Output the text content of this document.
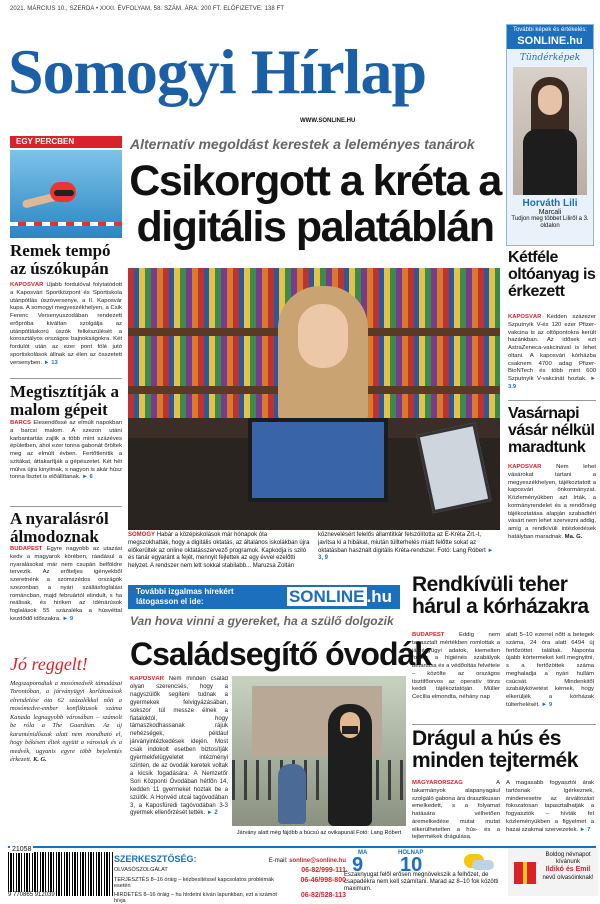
2021. MÁRCIUS 10., SZERDA • XXXI. ÉVFOLYAM, 58. SZÁM. ÁRA: 200 FT. ELŐFIZETVE: 138 FT
Somogyi Hírlap
WWW.SONLINE.HU
További képek és értékelés:
SONLINE.hu
Tündérképek
Horváth Lili
Marcali
Tudjon meg többet Liliről a 3. oldalon
EGY PERCBEN
Remek tempó az úszókupán
KAPOSVÁR Újabb fordulóval folytatódott a Kaposvári Sportközpont és Sportiskola utánpótlás úszóversenye, a II. Kaposvár kupa. A somogyi megyeszékhelyen, a Csik Ferenc Versenyuszodában rendezett erőpróba kiváltan szolgálja az utánpótláskorú úszók felkészülését a korosztályos országos bajnokságokra. Két fordulót után az ezer pont fölé jutó sportiskolások állnak az élen az összetett versenyben. ► 13
Megtisztítják a malom gépeit
BARCS Elesendőssé az elmúlt napokban a barcsi malom. A szezon utáni karbantartás zajlik a több mint százéves épületben, ahol ezer tonna gabonát őröltek meg az elmúlt évben. Fertőtlenítik a szitákat, áttakarítják a gépészetet. Két hét múlva újra kinyitnak, s nagyon is akár húsz tonna lisztet is előállítanak. ► 6
A nyaralásról álmodoznak
BUDAPEST Egyre nagyobb az utazási kedv a magyarok körében, ráadásul a nyaralásokat már nem csupán belföldre tervezik. Az erőteljes igényekből szeretnénk a szomszédos országok szezonban a nyári szállásfoglalási románcban, majd februártól elindult, s ha reálisak, és hiriken az idénárúsok foglalások 55 százaléka a húsvéttal kezdődő időszakra. ► 9
Jó reggelt!
Megszaporodtak a mosómedvék támadásai Torontóban, a járványügyi korlátozások elrendelése óta 62 százalékkal nőtt a mosómedve-ember konfliktusok száma Kanada legnagyobb városában – számolt be róla a The Guardian. Az új karanténidőszak alatt nem mondható el, hogy békésen éltek együtt a városiak és a medvék, ugyanis egyre több bejelentés érkezett. K. G.
Alternatív megoldást kerestek a leleményes tanárok
Csikorgott a kréta a digitális palatáblán
SOMOGY Habár a középiskolások már hónapok óta megszokhatták, hogy a digitális oktatás, az általános iskolákban újra előkerültek az online oktatásszervező programok. Kapkodja is sziló és tanár egyaránt a fejét, mennyit fejlettek az egy évvel ezelőtti helyzet. A rendszer nem lett sokkal stabilabb... Maruzsa Zoltán köznevelésért felelős államtitkár felszólította az E-Kréta Zrt.-t, javítsa ki a hibákat, miután tüllterhelés miatt felőtte sokat az oktatásban használt digitális Kréta-rendszer. Fotó: Lang Róbert ► 3, 9
Kétféle oltóanyag is érkezett
KAPOSVÁR Kedden százezer Szputnyik V-és 120 ezer Pfizer-vakcina is az oltópontokra került hazánkban. Az idősek ezt AstraZeneca-vakcinával is lehet oltani. A kaposvári kórházba csaknem 4700 adag Pfizer-BioNTech és több mint 600 Szputnyik V-vakcinát hoztak. ► 3.9
Vasárnapi vásár nélkül maradtunk
KAPOSVÁR Nem lehet vásárokat tartani a megyeszékhelyen, tájékoztatott a kaposvári önkormányzat. Közleményükben azt írták, a kormányrendelet és a rendőrség tájékoztatása alapján szabadtéri vásárt nem lehet szervezni addig, amíg a rendkívüli intézkedések hatályban maradnak. Ma. G.
További izgalmas hírekért látogasson el ide:	SONLINE .hu
Rendkívüli teher hárul a kórházakra
BUDAPEST Eddig nem tapasztalt mértékben romlottak a járványügyi adatok, kiemelten fontos a higiénés szabályok betartása és a védőoltás felvétele – közölte az országos tisztifőorvos az operatív törzs keddi tájékoztatóján. Müller Cecília elmondta, néhány nap
alatt 5–10 ezerrel nőtt a betegek száma, 24 óra alatt 6494 új fertőzöttet találtak. Naponta újabb kórtermeket kell megnyitni, s a fertőzöttek száma meghaladja a nyári hullám csúcsát. Mindenkitől szabálykövetést kérnek, hogy elkerüljék a kórházak túlterhelését. ► 9
Drágul a hús és minden tejtermék
MAGYARORSZÁG	A takarmányok alapanyagául szolgáló gabona ára drasztikusan emelkedett, s a folyamat hatására vélhetően áremelkedése mutat mutat elkerülhetetlen a hús- és a tejtermékek drágulása.
A magasabb fogyasztói árak tartósnak ígérkeznek, mindenesetre az árváltozást fokozatosan tapasztalhatják a fogyasztók – hívták fel közleményükben a figyelmet a hazai szakmai szervezetek. ► 7
Van hova vinni a gyereket, ha a szülő dolgozik
Családsegítő óvodák
KAPOSVÁR Nem minden család olyan szerencsés, hogy a nagyszülők segíteni tudnak a gyermekek felvigyázásában, sokszor túl messze élnek a fiataloktól, hogy támaszkodhassanak rájuk nehézségek, például járványintézkedések idején. Most csak indokolt esetben biztosítják gyermekfelügyeletet intézményi szinten, de az óvodák keretek voltak a kicsik fogadására. A Nemzetőr Sori Központi Óvodában hétfőn 14, kedden 11 gyermeket hoztak be a szülők. A Honvéd utcai tagóvodában 3, a Kaposfüredi tagóvodában 3-3 gyermek ellenőrzését tették. ► 2
Járvány alatt még fájóbb a búcsú az ovikapunál Fotó: Lang Róbert
9 770865 912039
SZERKESZTŐSÉG:	E-mail: sonline@sonline.hu
OLVASÓSZOLGÁLAT	06-82/999-111
TERJESZTÉS 8–16 óráig – kézbesítéssel kapcsolatos problémák esetén
06-46/998-800
HIRDETÉS 8–16 óráig – hu hirdetni kíván lapunkban, ezt a számot hívja
06-82/528-113
MA
9
HOLNAP
10
Északnyugat felől erősen megnövekszik a felhőzet, de csapadékra nem kell számítani. Marad az 8–10 fok közötti maximum.
Boldog névnapot kívánunk
Ildikó és Emil
nevű olvasóinknak!
21058
